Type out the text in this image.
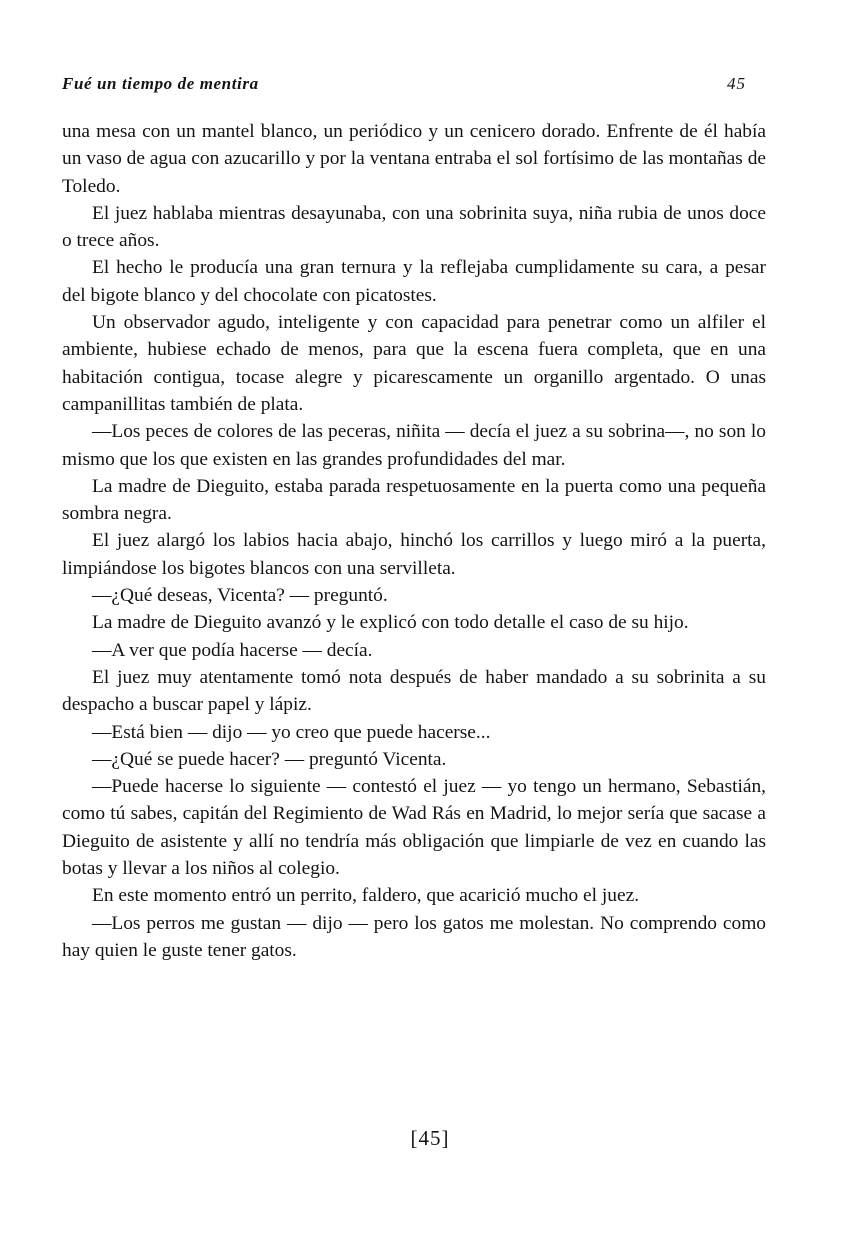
Fué un tiempo de mentira	45

una mesa con un mantel blanco, un periódico y un cenicero dorado. Enfrente de él había un vaso de agua con azucarillo y por la ventana entraba el sol fortísimo de las montañas de Toledo.

El juez hablaba mientras desayunaba, con una sobrinita suya, niña rubia de unos doce o trece años.

El hecho le producía una gran ternura y la reflejaba cumplidamente su cara, a pesar del bigote blanco y del chocolate con picatostes.

Un observador agudo, inteligente y con capacidad para penetrar como un alfiler el ambiente, hubiese echado de menos, para que la escena fuera completa, que en una habitación contigua, tocase alegre y picarescamente un organillo argentado. O unas campanillitas también de plata.

—Los peces de colores de las peceras, niñita — decía el juez a su sobrina—, no son lo mismo que los que existen en las grandes profundidades del mar.

La madre de Dieguito, estaba parada respetuosamente en la puerta como una pequeña sombra negra.

El juez alargó los labios hacia abajo, hinchó los carrillos y luego miró a la puerta, limpiándose los bigotes blancos con una servilleta.

—¿Qué deseas, Vicenta? — preguntó.

La madre de Dieguito avanzó y le explicó con todo detalle el caso de su hijo.

—A ver que podía hacerse — decía.

El juez muy atentamente tomó nota después de haber mandado a su sobrinita a su despacho a buscar papel y lápiz.

—Está bien — dijo — yo creo que puede hacerse...

—¿Qué se puede hacer? — preguntó Vicenta.

—Puede hacerse lo siguiente — contestó el juez — yo tengo un hermano, Sebastián, como tú sabes, capitán del Regimiento de Wad Rás en Madrid, lo mejor sería que sacase a Dieguito de asistente y allí no tendría más obligación que limpiarle de vez en cuando las botas y llevar a los niños al colegio.

En este momento entró un perrito, faldero, que acarició mucho el juez.

—Los perros me gustan — dijo — pero los gatos me molestan. No comprendo como hay quien le guste tener gatos.

[45]
